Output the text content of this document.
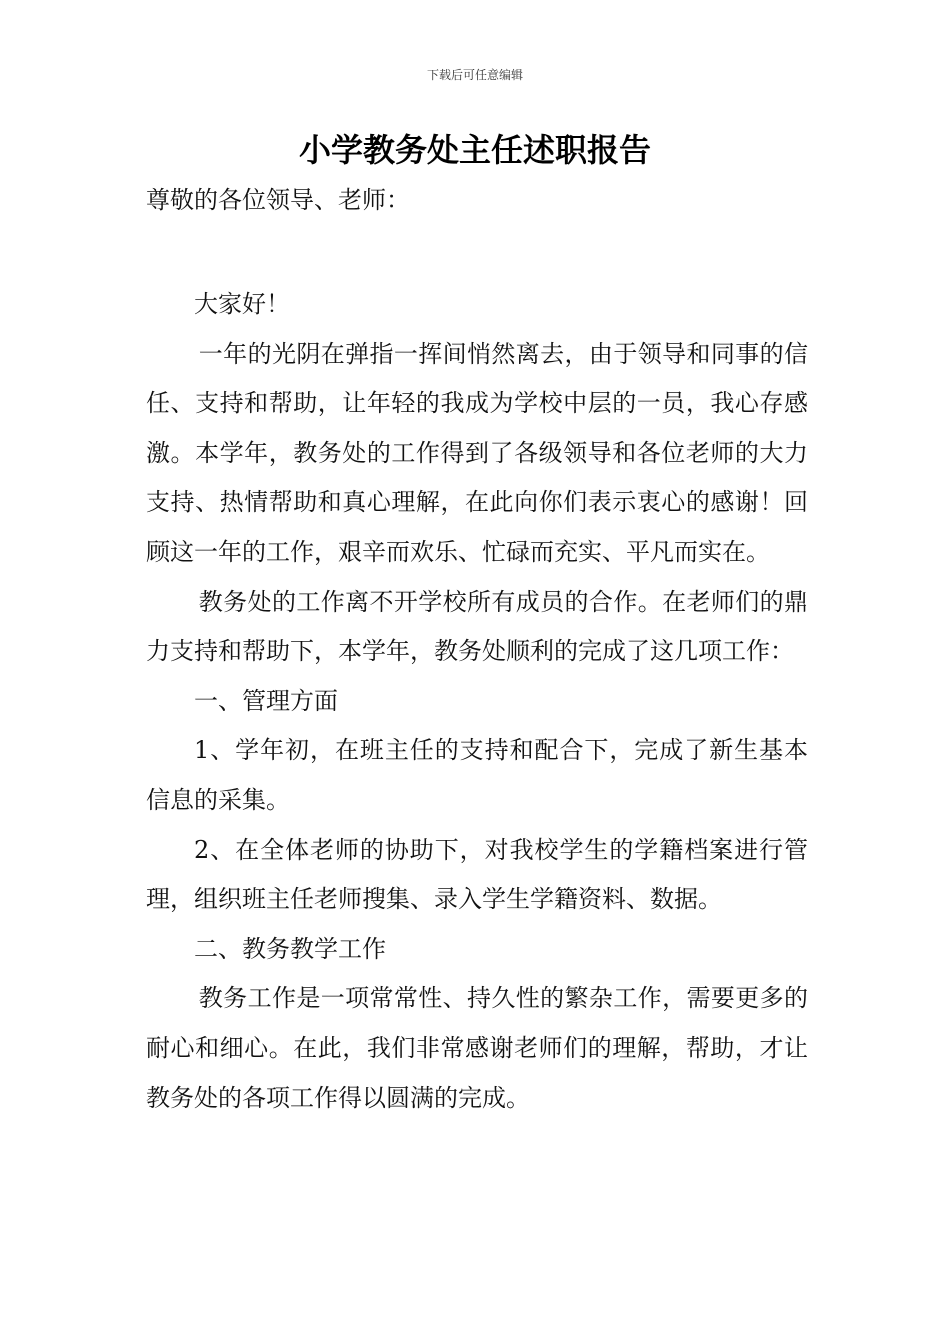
下载后可任意编辑
小学教务处主任述职报告
尊敬的各位领导、老师：

大家好！

一年的光阴在弹指一挥间悄然离去，由于领导和同事的信任、支持和帮助，让年轻的我成为学校中层的一员，我心存感激。本学年，教务处的工作得到了各级领导和各位老师的大力支持、热情帮助和真心理解，在此向你们表示衷心的感谢！回顾这一年的工作，艰辛而欢乐、忙碌而充实、平凡而实在。

教务处的工作离不开学校所有成员的合作。在老师们的鼎力支持和帮助下，本学年，教务处顺利的完成了这几项工作：

一、管理方面

1、学年初，在班主任的支持和配合下，完成了新生基本信息的采集。

2、在全体老师的协助下，对我校学生的学籍档案进行管理，组织班主任老师搜集、录入学生学籍资料、数据。

二、教务教学工作

教务工作是一项常常性、持久性的繁杂工作，需要更多的耐心和细心。在此，我们非常感谢老师们的理解，帮助，才让教务处的各项工作得以圆满的完成。
